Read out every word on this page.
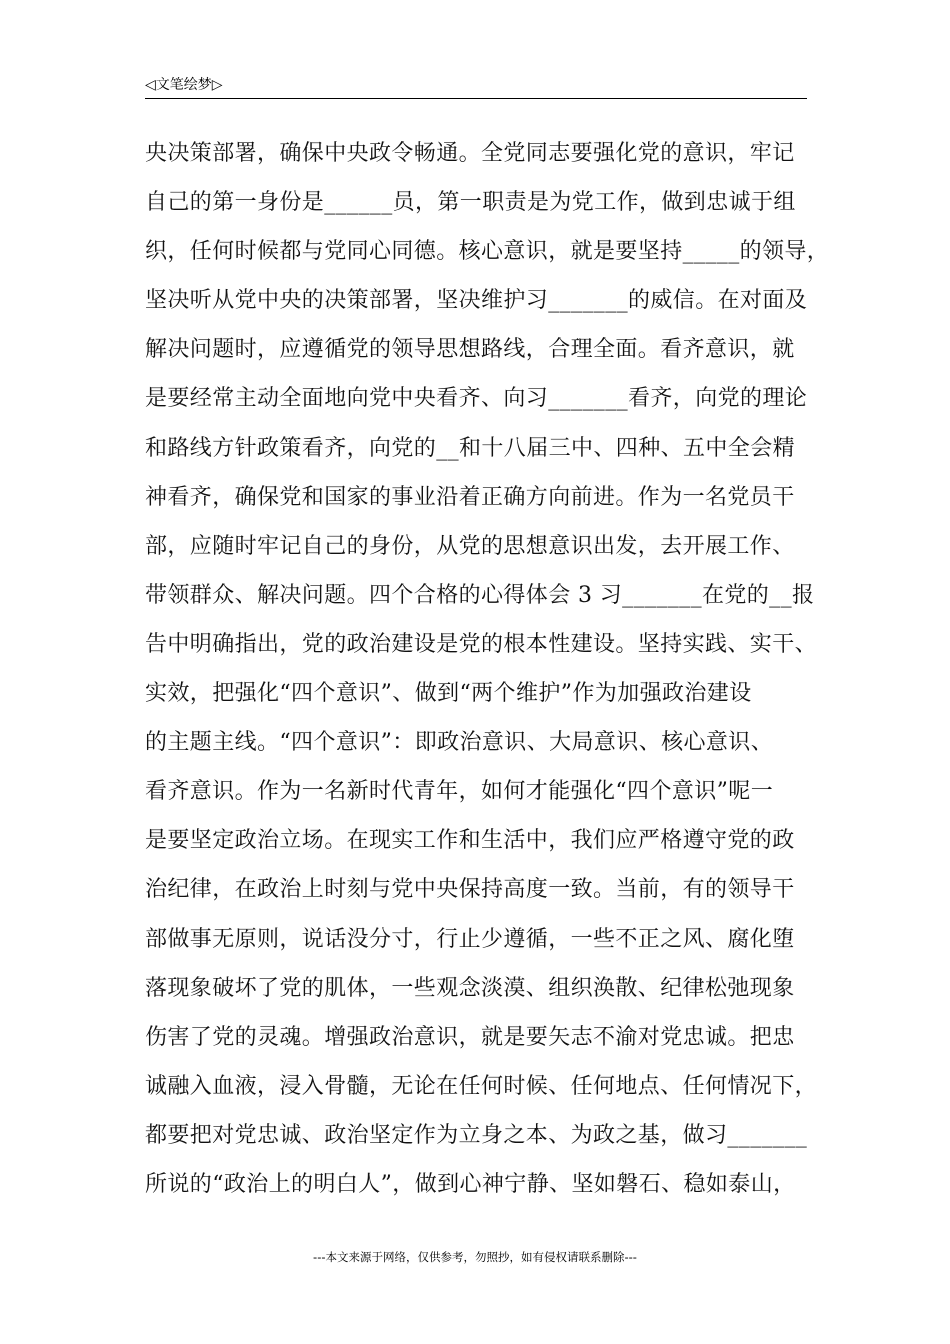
◁文笔绘梦▷
央决策部署，确保中央政令畅通。全党同志要强化党的意识，牢记
自己的第一身份是______员，第一职责是为党工作，做到忠诚于组
织，任何时候都与党同心同德。核心意识，就是要坚持_____的领导，
坚决听从党中央的决策部署，坚决维护习_______的威信。在对面及
解决问题时，应遵循党的领导思想路线，合理全面。看齐意识，就
是要经常主动全面地向党中央看齐、向习_______看齐，向党的理论
和路线方针政策看齐，向党的__和十八届三中、四种、五中全会精
神看齐，确保党和国家的事业沿着正确方向前进。作为一名党员干
部，应随时牢记自己的身份，从党的思想意识出发，去开展工作、
带领群众、解决问题。四个合格的心得体会 3 习_______在党的__报
告中明确指出，党的政治建设是党的根本性建设。坚持实践、实干、
实效，把强化“四个意识”、做到“两个维护”作为加强政治建设
的主题主线。“四个意识”：即政治意识、大局意识、核心意识、
看齐意识。作为一名新时代青年，如何才能强化“四个意识”呢一
是要坚定政治立场。在现实工作和生活中，我们应严格遵守党的政
治纪律，在政治上时刻与党中央保持高度一致。当前，有的领导干
部做事无原则，说话没分寸，行止少遵循，一些不正之风、腐化堕
落现象破坏了党的肌体，一些观念淡漠、组织涣散、纪律松弛现象
伤害了党的灵魂。增强政治意识，就是要矢志不渝对党忠诚。把忠
诚融入血液，浸入骨髓，无论在任何时候、任何地点、任何情况下，
都要把对党忠诚、政治坚定作为立身之本、为政之基，做习_______
所说的“政治上的明白人”，做到心神宁静、坚如磐石、稳如泰山，
---本文来源于网络，仅供参考，勿照抄，如有侵权请联系删除---
